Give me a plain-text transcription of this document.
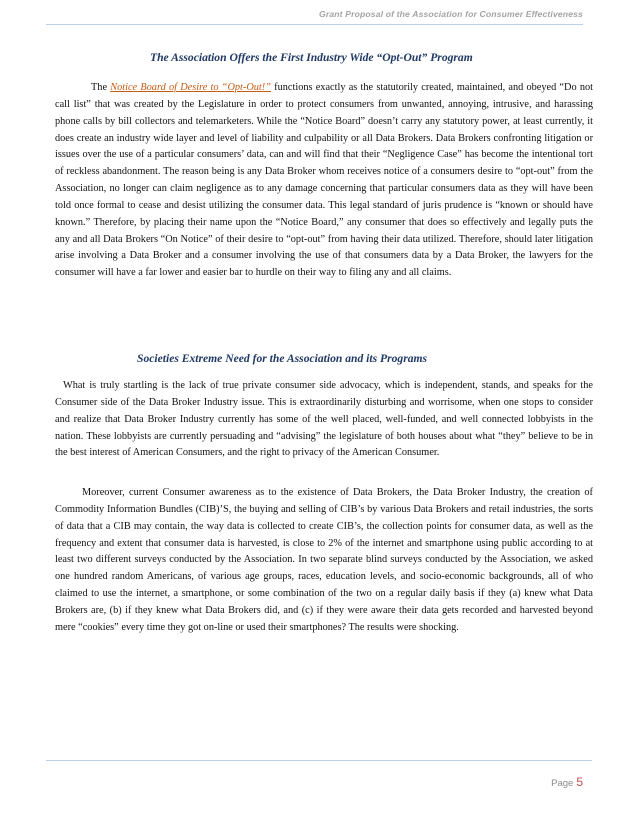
Grant Proposal of the Association for Consumer Effectiveness
The Association Offers the First Industry Wide “Opt-Out” Program

The Notice Board of Desire to “Opt-Out!” functions exactly as the statutorily created, maintained, and obeyed “Do not call list” that was created by the Legislature in order to protect consumers from unwanted, annoying, intrusive, and harassing phone calls by bill collectors and telemarketers. While the “Notice Board” doesn’t carry any statutory power, at least currently, it does create an industry wide layer and level of liability and culpability or all Data Brokers. Data Brokers confronting litigation or issues over the use of a particular consumers’ data, can and will find that their “Negligence Case” has become the intentional tort of reckless abandonment. The reason being is any Data Broker whom receives notice of a consumers desire to “opt-out” from the Association, no longer can claim negligence as to any damage concerning that particular consumers data as they will have been told once formal to cease and desist utilizing the consumer data. This legal standard of juris prudence is “known or should have known.” Therefore, by placing their name upon the “Notice Board,” any consumer that does so effectively and legally puts the any and all Data Brokers “On Notice” of their desire to “opt-out” from having their data utilized. Therefore, should later litigation arise involving a Data Broker and a consumer involving the use of that consumers data by a Data Broker, the lawyers for the consumer will have a far lower and easier bar to hurdle on their way to filing any and all claims.

Societies Extreme Need for the Association and its Programs

What is truly startling is the lack of true private consumer side advocacy, which is independent, stands, and speaks for the Consumer side of the Data Broker Industry issue. This is extraordinarily disturbing and worrisome, when one stops to consider and realize that Data Broker Industry currently has some of the well placed, well-funded, and well connected lobbyists in the nation. These lobbyists are currently persuading and “advising” the legislature of both houses about what “they” believe to be in the best interest of American Consumers, and the right to privacy of the American Consumer.

Moreover, current Consumer awareness as to the existence of Data Brokers, the Data Broker Industry, the creation of Commodity Information Bundles (CIB)’S, the buying and selling of CIB’s by various Data Brokers and retail industries, the sorts of data that a CIB may contain, the way data is collected to create CIB’s, the collection points for consumer data, as well as the frequency and extent that consumer data is harvested, is close to 2% of the internet and smartphone using public according to at least two different surveys conducted by the Association. In two separate blind surveys conducted by the Association, we asked one hundred random Americans, of various age groups, races, education levels, and socio-economic backgrounds, all of who claimed to use the internet, a smartphone, or some combination of the two on a regular daily basis if they (a) knew what Data Brokers are, (b) if they knew what Data Brokers did, and (c) if they were aware their data gets recorded and harvested beyond mere “cookies” every time they got on-line or used their smartphones? The results were shocking.

Page 5
